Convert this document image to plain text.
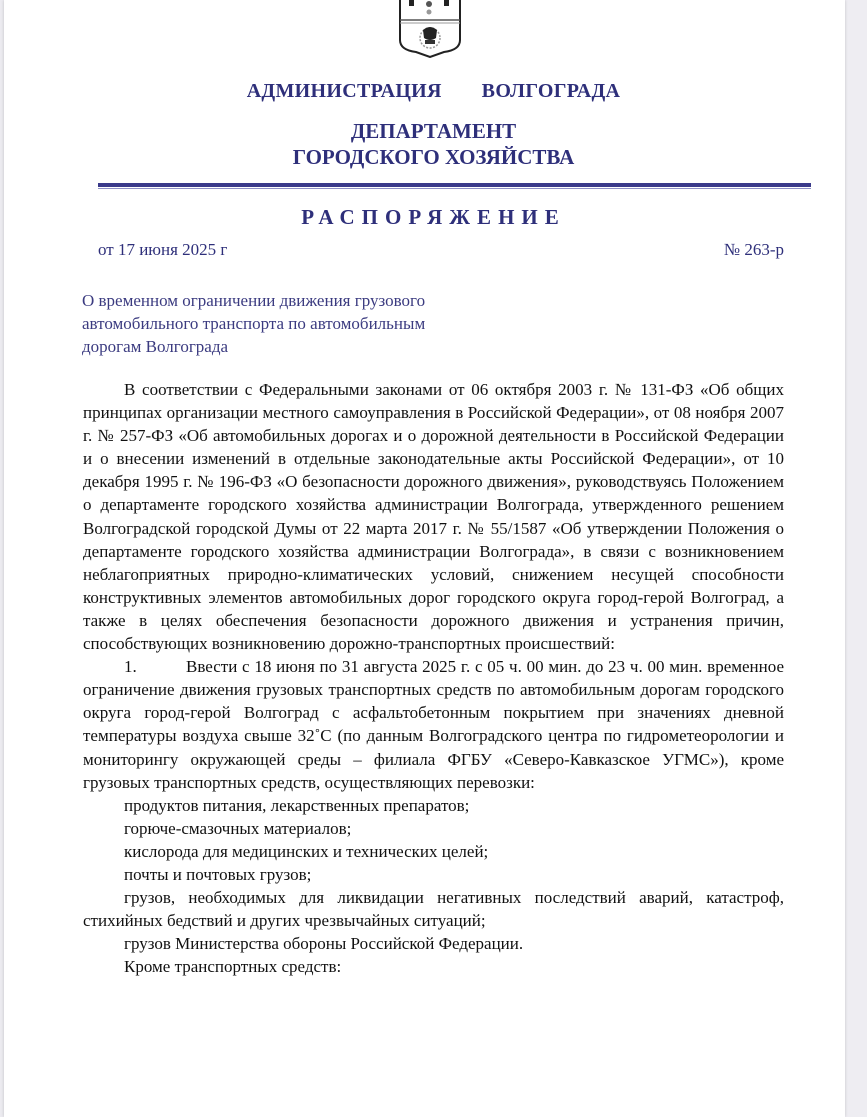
АДМИНИСТРАЦИЯ   ВОЛГОГРАДА
ДЕПАРТАМЕНТ
ГОРОДСКОГО ХОЗЯЙСТВА
РАСПОРЯЖЕНИЕ
от 17 июня 2025 г	№ 263-р
О временном ограничении движения грузового автомобильного транспорта по автомобильным дорогам Волгограда

В соответствии с Федеральными законами от 06 октября 2003 г. № 131-ФЗ «Об общих принципах организации местного самоуправления в Российской Федерации», от 08 ноября 2007 г. № 257-ФЗ «Об автомобильных дорогах и о дорожной деятельности в Российской Федерации и о внесении изменений в отдельные законодательные акты Российской Федерации», от 10 декабря 1995 г. № 196-ФЗ «О безопасности дорожного движения», руководствуясь Положением о департаменте городского хозяйства администрации Волгограда, утвержденного решением Волгоградской городской Думы от 22 марта 2017 г. № 55/1587 «Об утверждении Положения о департаменте городского хозяйства администрации Волгограда», в связи с возникновением неблагоприятных природно-климатических условий, снижением несущей способности конструктивных элементов автомобильных дорог городского округа город-герой Волгоград, а также в целях обеспечения безопасности дорожного движения и устранения причин, способствующих возникновению дорожно-транспортных происшествий:

1.	Ввести с 18 июня по 31 августа 2025 г. с 05 ч. 00 мин. до 23 ч. 00 мин. временное ограничение движения грузовых транспортных средств по автомобильным дорогам городского округа город-герой Волгоград с асфальтобетонным покрытием при значениях дневной температуры воздуха свыше 32˚С (по данным Волгоградского центра по гидрометеорологии и мониторингу окружающей среды – филиала ФГБУ «Северо-Кавказское УГМС»), кроме грузовых транспортных средств, осуществляющих перевозки:

продуктов питания, лекарственных препаратов;

горюче-смазочных материалов;

кислорода для медицинских и технических целей;

почты и почтовых грузов;

грузов, необходимых для ликвидации негативных последствий аварий, катастроф, стихийных бедствий и других чрезвычайных ситуаций;

грузов Министерства обороны Российской Федерации.

Кроме транспортных средств:
